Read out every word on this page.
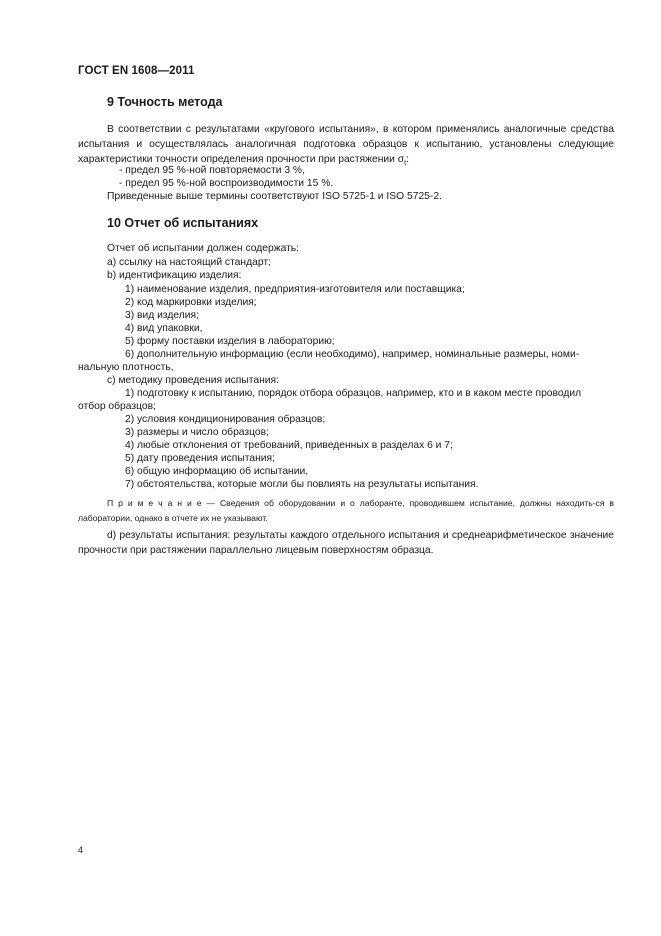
ГОСТ EN 1608—2011
9 Точность метода
В соответствии с результатами «кругового испытания», в котором применялись аналогичные средства испытания и осуществлялась аналогичная подготовка образцов к испытанию, установлены следующие характеристики точности определения прочности при растяжении $\sigma_t$:
- предел 95 %-ной повторяемости 3 %,
- предел 95 %-ной воспроизводимости 15 %.
Приведенные выше термины соответствуют ISO 5725-1 и ISO 5725-2.
10 Отчет об испытаниях
Отчет об испытании должен содержать:
а) ссылку на настоящий стандарт;
b) идентификацию изделия:
1) наименование изделия, предприятия-изготовителя или поставщика;
2) код маркировки изделия;
3) вид изделия;
4) вид упаковки,
5) форму поставки изделия в лабораторию;
6) дополнительную информацию (если необходимо), например, номинальные размеры, номи-
нальную плотность,
с) методику проведения испытания:
1) подготовку к испытанию, порядок отбора образцов, например, кто и в каком месте проводил
отбор образцов;
2) условия кондиционирования образцов;
3) размеры и число образцов;
4) любые отклонения от требований, приведенных в разделах 6 и 7;
5) дату проведения испытания;
6) общую информацию об испытании,
7) обстоятельства, которые могли бы повлиять на результаты испытания.
П р и м е ч а н и е — Сведения об оборудовании и о лаборанте, проводившем испытание, должны находить-ся в лаборатории, однако в отчете их не указывают.
d) результаты испытания: результаты каждого отдельного испытания и среднеарифметическое значение прочности при растяжении параллельно лицевым поверхностям образца.
4
